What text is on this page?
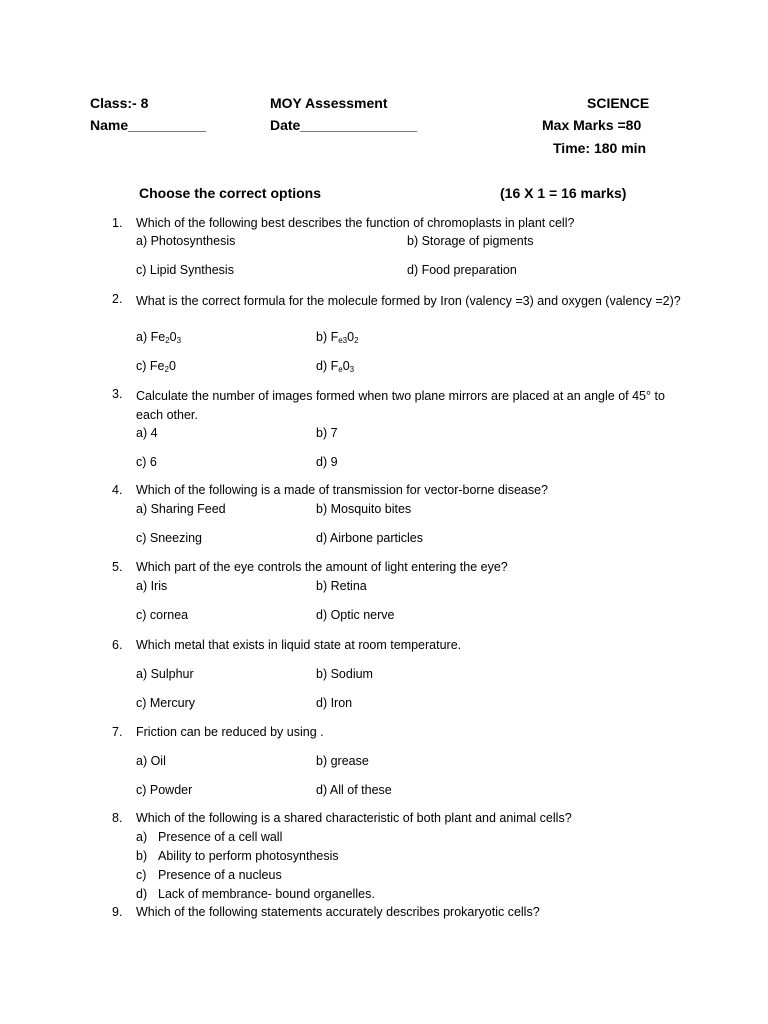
Class:- 8
Name__________
MOY Assessment
Date_______________
SCIENCE
Max Marks =80
Time: 180 min
Choose the correct options	(16 X 1 = 16 marks)
1. Which of the following best describes the function of chromoplasts in plant cell?
a) Photosynthesis	b) Storage of pigments
c) Lipid Synthesis	d) Food preparation
2. What is the correct formula for the molecule formed by Iron (valency =3) and oxygen (valency =2)?
a) $Fe_20_3$	b) $F_{e3}0_2$
c) $Fe_20$	d) $F_e0_3$
3. Calculate the number of images formed when two plane mirrors are placed at an angle of 45° to each other.
a) 4	b) 7
c) 6	d) 9
4. Which of the following is a made of transmission for vector-borne disease?
a) Sharing Feed	b) Mosquito bites
c) Sneezing	d) Airbone particles
5. Which part of the eye controls the amount of light entering the eye?
a) Iris	b) Retina
c) cornea	d) Optic nerve
6. Which metal that exists in liquid state at room temperature.
a) Sulphur	b) Sodium
c) Mercury	d) Iron
7. Friction can be reduced by using .
a) Oil	b) grease
c) Powder	d) All of these
8. Which of the following is a shared characteristic of both plant and animal cells?
a) Presence of a cell wall
b) Ability to perform photosynthesis
c) Presence of a nucleus
d) Lack of membrance- bound organelles.
9. Which of the following statements accurately describes prokaryotic cells?
